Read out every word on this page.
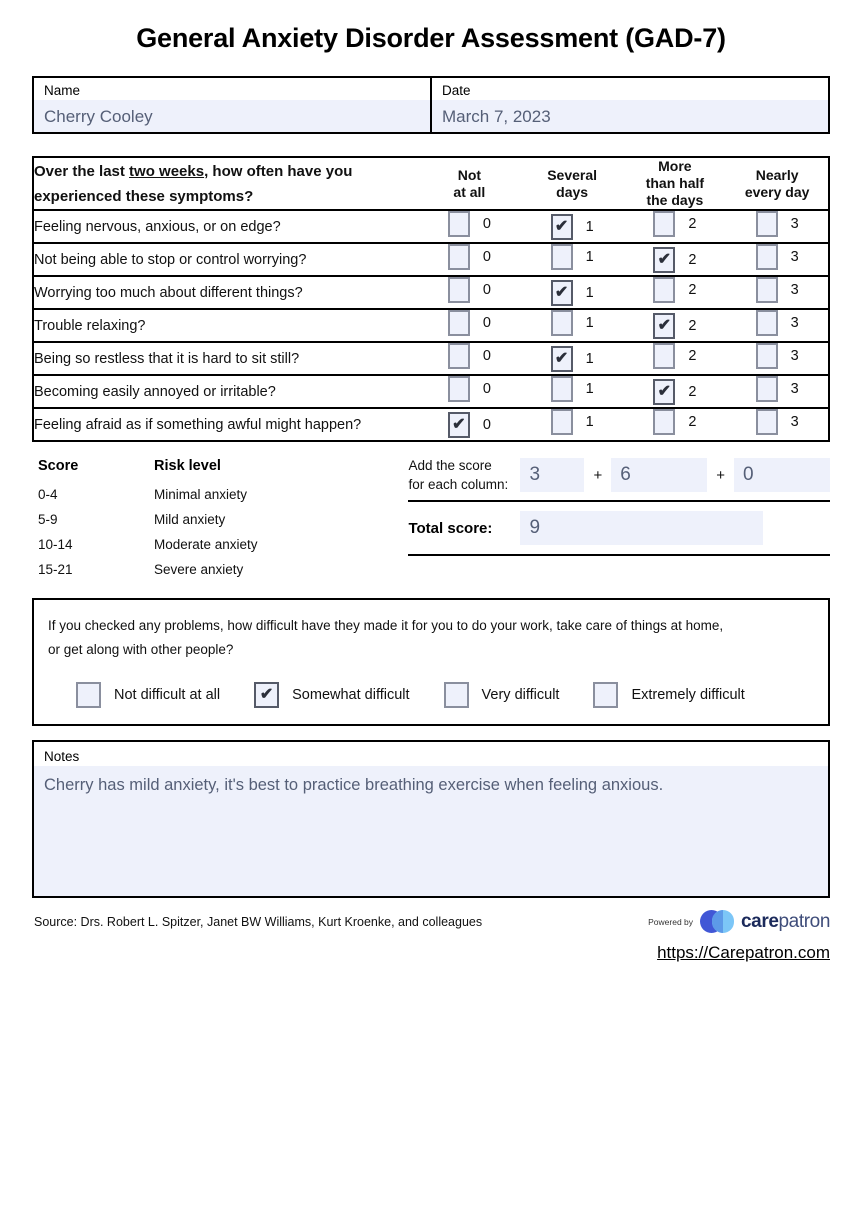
General Anxiety Disorder Assessment (GAD-7)
Name
Cherry Cooley
Date
March 7, 2023
Over the last two weeks, how often have you experienced these symptoms?	
Not
at all

Several
days

More
than half
the days

Nearly
every day

Feeling nervous, anxious, or on edge?	0	✔ 1	2	3

Not being able to stop or control worrying?	0	1	✔ 2	3

Worrying too much about different things?	0	✔ 1	2	3

Trouble relaxing?	0	1	✔ 2	3

Being so restless that it is hard to sit still?	0	✔ 1	2	3

Becoming easily annoyed or irritable?	0	1	✔ 2	3

Feeling afraid as if something awful might happen?	✔ 0	1	2	3
Score	Risk level
0-4	Minimal anxiety
5-9	Mild anxiety
10-14	Moderate anxiety
15-21	Severe anxiety
Add the score
for each column:	3	+ 6	+ 0
Total score:	9
If you checked any problems, how difficult have they made it for you to do your work, take care of things at home,
or get along with other people?
Not difficult at all ✔ Somewhat difficult	Very difficult	Extremely difficult
Notes
Cherry has mild anxiety, it's best to practice breathing exercise when feeling anxious.
Source: Drs. Robert L. Spitzer, Janet BW Williams, Kurt Kroenke, and colleagues	Powered by	carepatron
https://Carepatron.com
